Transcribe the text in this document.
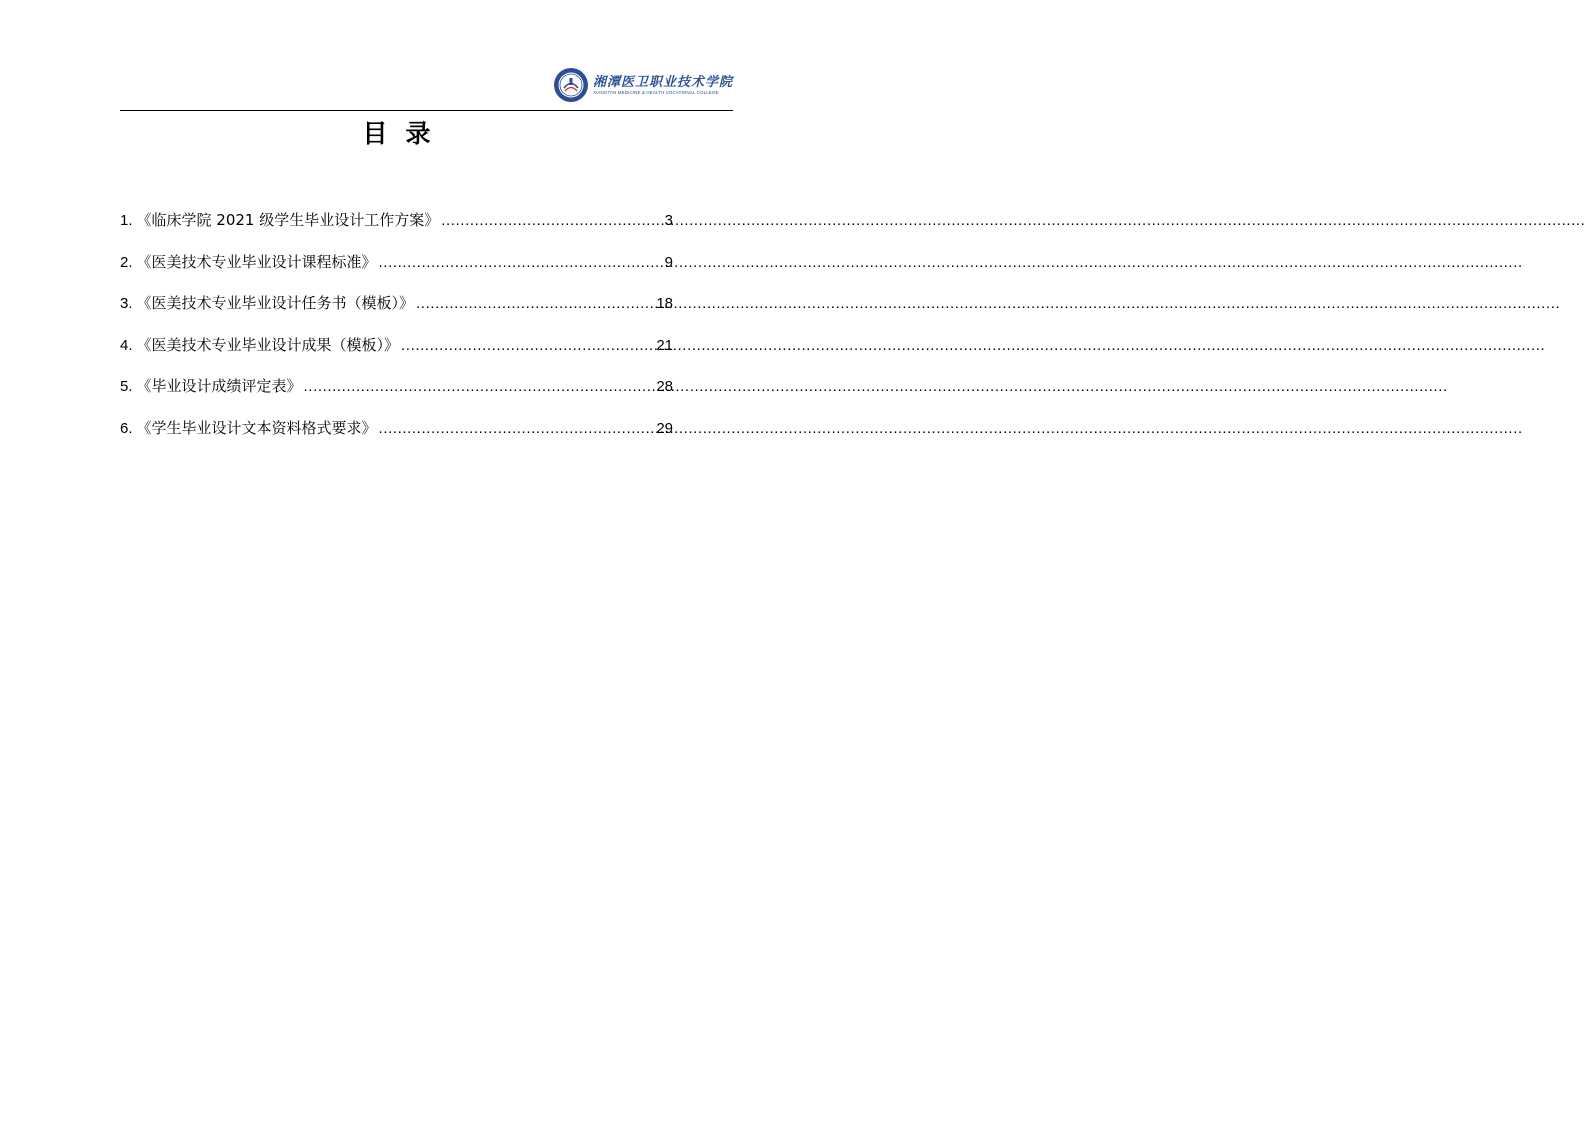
湘潭医卫职业技术学院
XIANGTAN MEDICINE & HEALTH VOCATIONAL COLLEGE
目录
1. 《临床学院 2021 级学生毕业设计工作方案》 .....	3
2. 《医美技术专业毕业设计课程标准》 .....	9
3. 《医美技术专业毕业设计任务书（模板）》 .....	18
4. 《医美技术专业毕业设计成果（模板）》 .....	21
5. 《毕业设计成绩评定表》 .....	28
6. 《学生毕业设计文本资料格式要求》 .....	29
